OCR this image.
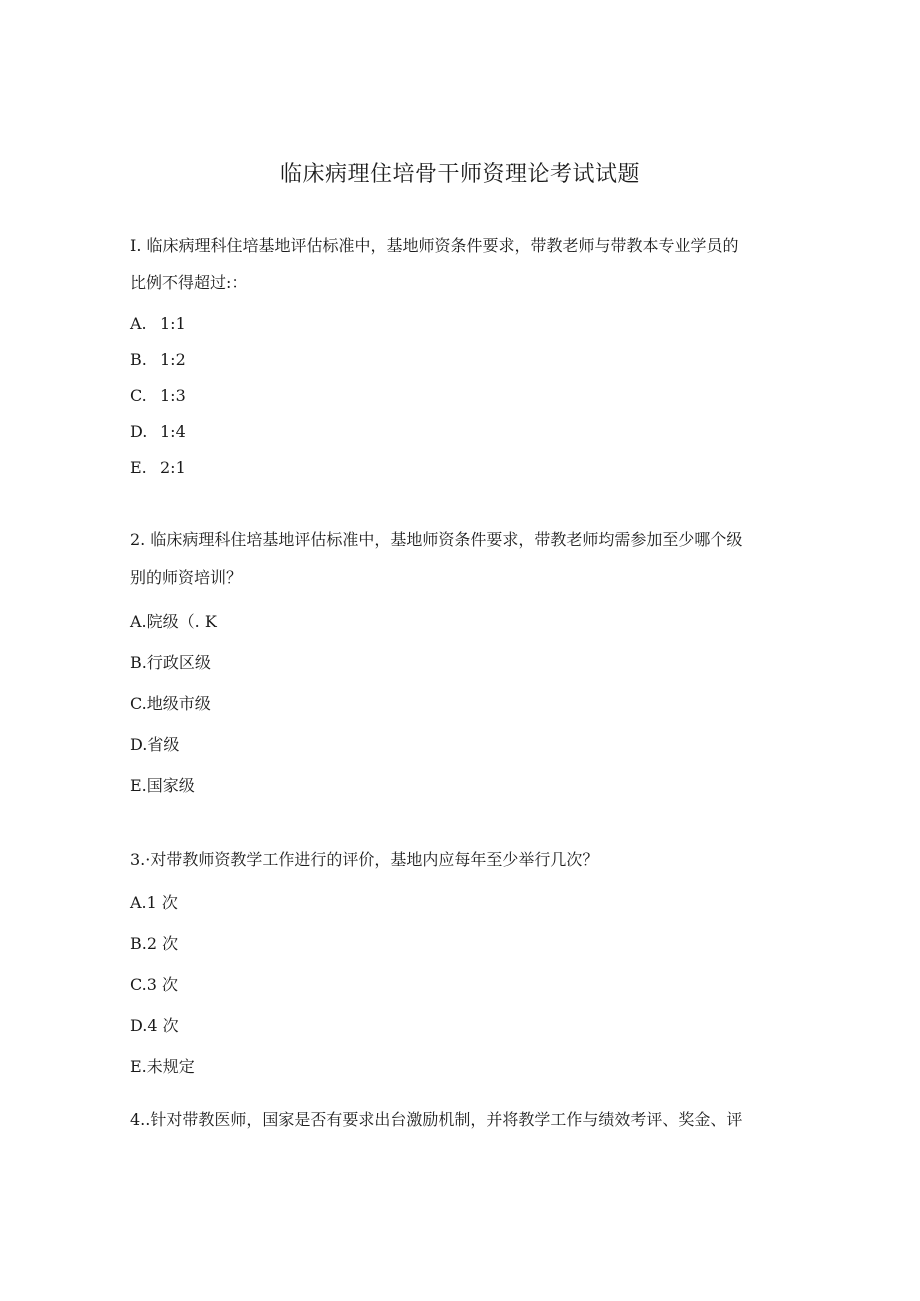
临床病理住培骨干师资理论考试试题
I. 临床病理科住培基地评估标准中，基地师资条件要求，带教老师与带教本专业学员的
比例不得超过:：
A. 1:1
B. 1:2
C. 1:3
D. 1:4
E. 2:1
2. 临床病理科住培基地评估标准中，基地师资条件要求，带教老师均需参加至少哪个级
别的师资培训？
A.院级（. K
B.行政区级
C.地级市级
D.省级
E.国家级
3.·对带教师资教学工作进行的评价，基地内应每年至少举行几次？
A.1 次
B.2 次
C.3 次
D.4 次
E.未规定
4..针对带教医师，国家是否有要求出台激励机制，并将教学工作与绩效考评、奖金、评
